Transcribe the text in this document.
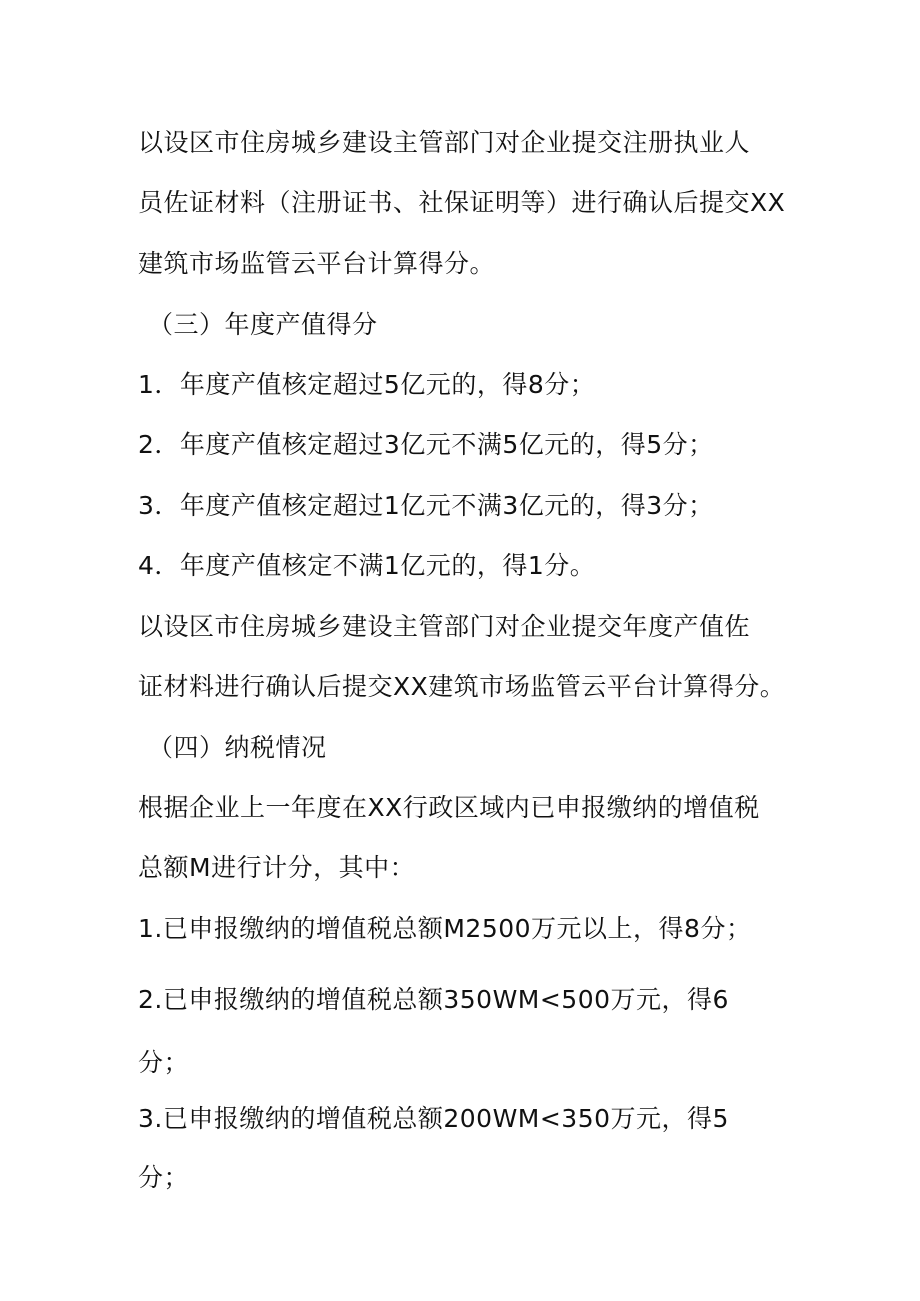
以设区市住房城乡建设主管部门对企业提交注册执业人
员佐证材料（注册证书、社保证明等）进行确认后提交XX
建筑市场监管云平台计算得分。
（三）年度产值得分
1．年度产值核定超过5亿元的，得8分；
2．年度产值核定超过3亿元不满5亿元的，得5分；
3．年度产值核定超过1亿元不满3亿元的，得3分；
4．年度产值核定不满1亿元的，得1分。
以设区市住房城乡建设主管部门对企业提交年度产值佐
证材料进行确认后提交XX建筑市场监管云平台计算得分。
（四）纳税情况
根据企业上一年度在XX行政区域内已申报缴纳的增值税
总额M进行计分，其中：
1.已申报缴纳的增值税总额M2500万元以上，得8分；
2.已申报缴纳的增值税总额350WM<500万元，得6
分；
3.已申报缴纳的增值税总额200WM<350万元，得5
分；
